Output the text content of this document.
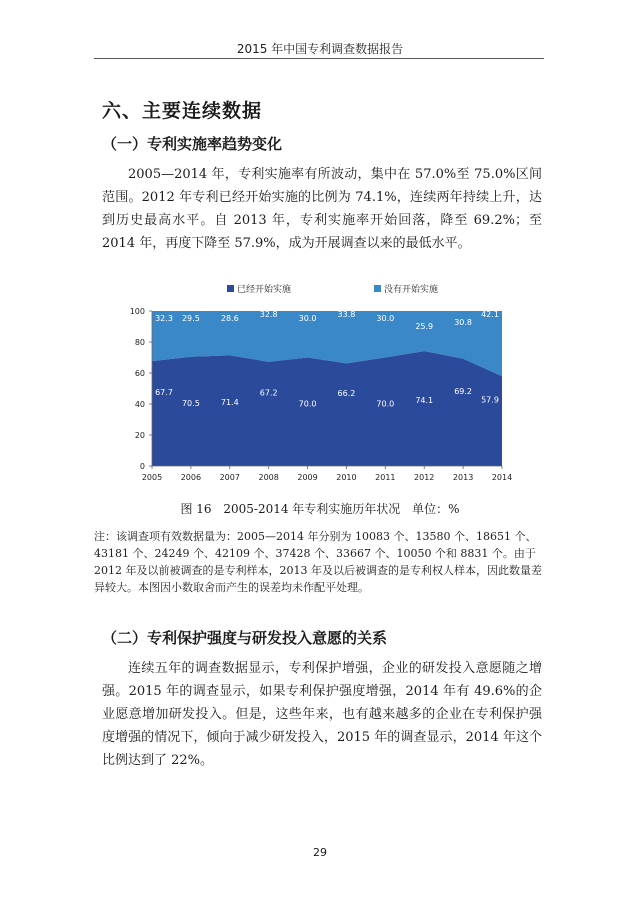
2015 年中国专利调查数据报告
六、主要连续数据
（一）专利实施率趋势变化

2005—2014 年，专利实施率有所波动，集中在 57.0%至 75.0%区间范围。2012 年专利已经开始实施的比例为 74.1%，连续两年持续上升，达到历史最高水平。自 2013 年，专利实施率开始回落，降至 69.2%；至 2014 年，再度下降至 57.9%，成为开展调查以来的最低水平。

已经开始实施	没有开始实施
0
20
40
60
80
100
2005 2006 2007 2008 2009 2010 2011 2012 2013 2014
67.7
32.3
70.5
29.5
71.4
28.6
67.2
32.8
70.0
30.0
66.2
33.8
70.0
30.0
74.1
25.9
69.2
30.8
57.9
42.1
图 16 2005-2014 年专利实施历年状况 单位：%
注：该调查项有效数据量为：2005—2014 年分别为 10083 个、13580 个、18651 个、43181 个、24249 个、42109 个、37428 个、33667 个、10050 个和 8831 个。由于 2012 年及以前被调查的是专利样本，2013 年及以后被调查的是专利权人样本，因此数量差异较大。本图因小数取舍而产生的误差均未作配平处理。
（二）专利保护强度与研发投入意愿的关系

连续五年的调查数据显示，专利保护增强，企业的研发投入意愿随之增强。2015 年的调查显示，如果专利保护强度增强，2014 年有 49.6%的企业愿意增加研发投入。但是，这些年来，也有越来越多的企业在专利保护强度增强的情况下，倾向于减少研发投入，2015 年的调查显示，2014 年这个比例达到了 22%。

29
